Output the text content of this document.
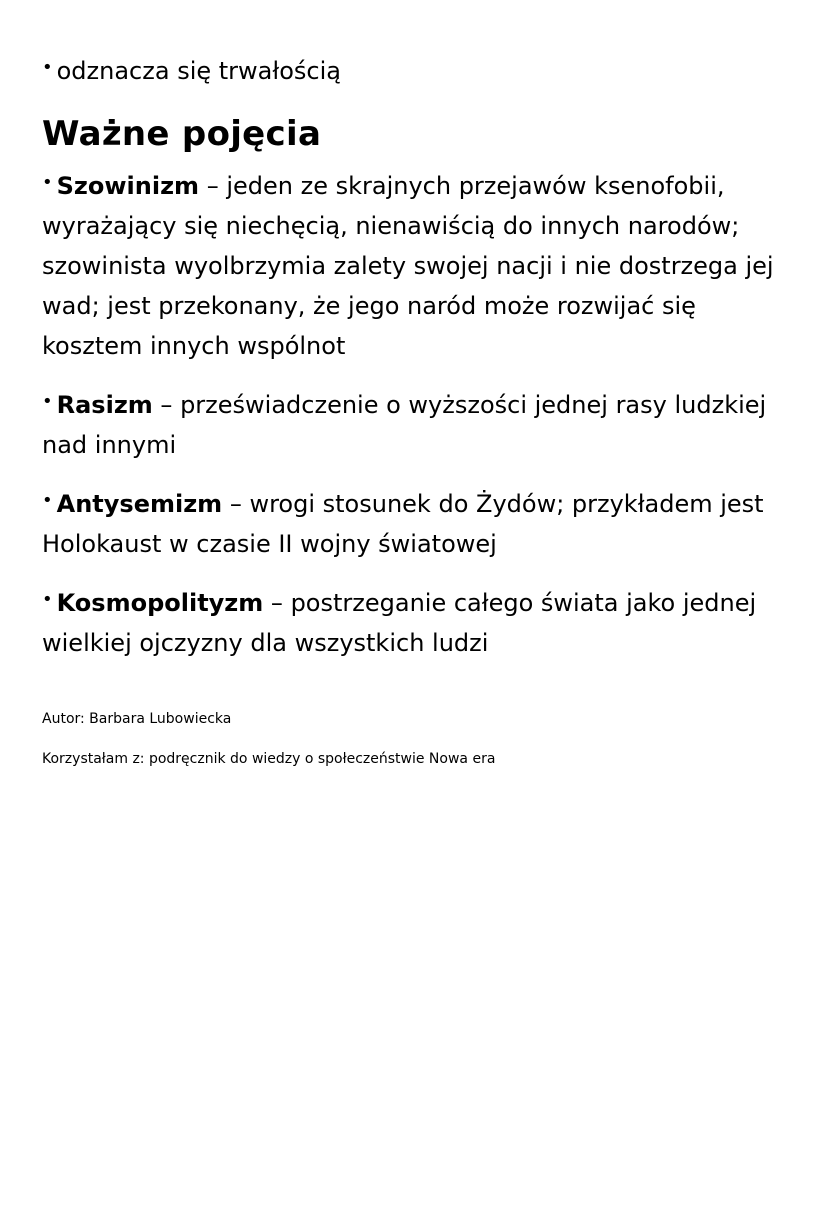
• odznacza się trwałością

Ważne pojęcia

• Szowinizm – jeden ze skrajnych przejawów ksenofobii, wyrażający się niechęcią, nienawiścią do innych narodów; szowinista wyolbrzymia zalety swojej nacji i nie dostrzega jej wad; jest przekonany, że jego naród może rozwijać się kosztem innych wspólnot

• Rasizm – przeświadczenie o wyższości jednej rasy ludzkiej nad innymi

• Antysemizm – wrogi stosunek do Żydów; przykładem jest Holokaust w czasie II wojny światowej

• Kosmopolityzm – postrzeganie całego świata jako jednej wielkiej ojczyzny dla wszystkich ludzi

Autor: Barbara Lubowiecka

Korzystałam z: podręcznik do wiedzy o społeczeństwie Nowa era
